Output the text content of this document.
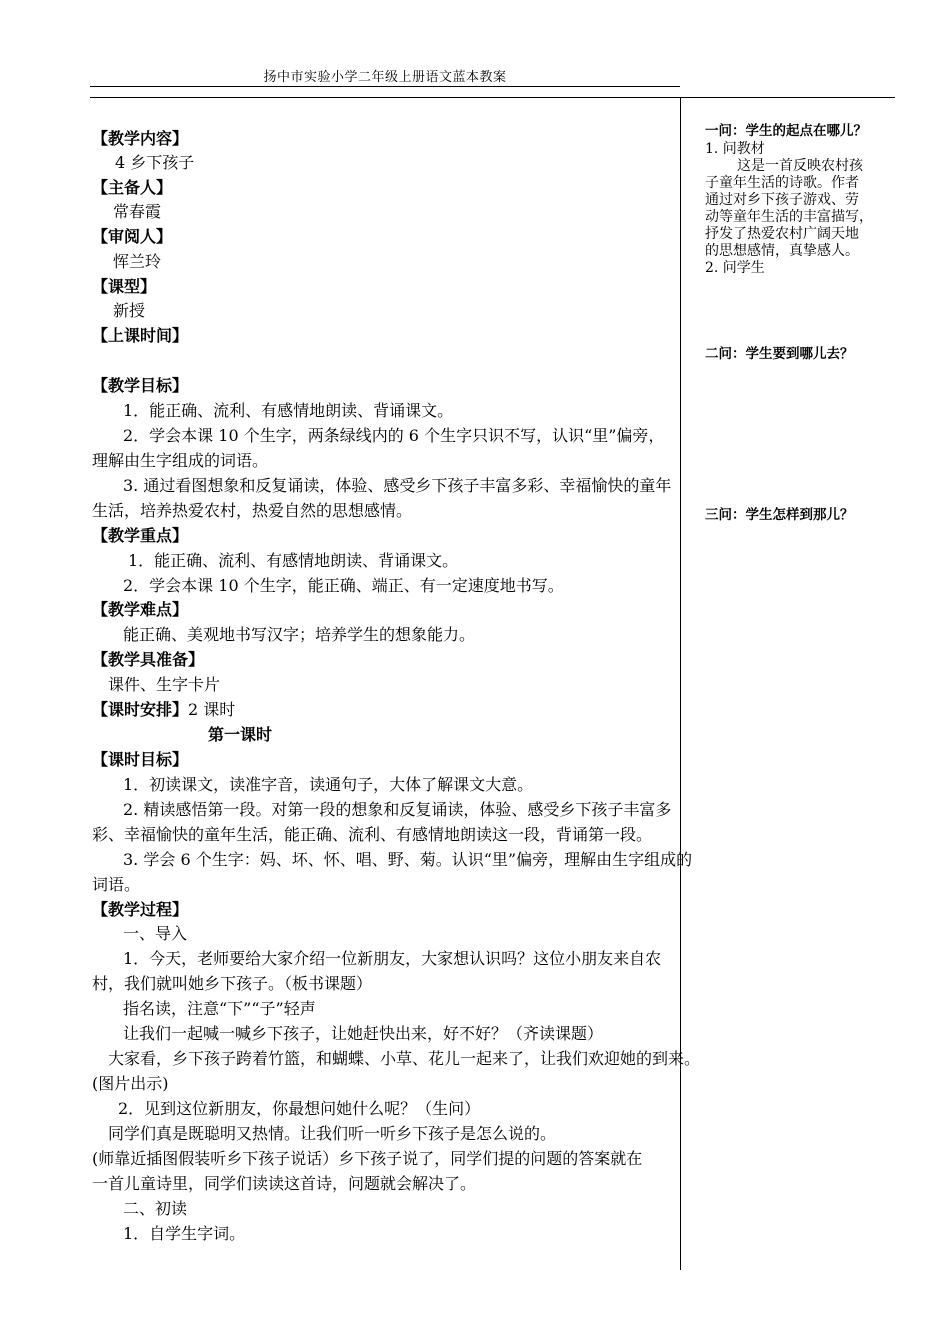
扬中市实验小学二年级上册语文蓝本教案
【教学内容】
4 乡下孩子
【主备人】
常春霞
【审阅人】
恽兰玲
【课型】
新授
【上课时间】
【教学目标】
1．能正确、流利、有感情地朗读、背诵课文。
2．学会本课 10 个生字，两条绿线内的 6 个生字只识不写，认识“里”偏旁，
理解由生字组成的词语。
3. 通过看图想象和反复诵读，体验、感受乡下孩子丰富多彩、幸福愉快的童年
生活，培养热爱农村，热爱自然的思想感情。
【教学重点】
1．能正确、流利、有感情地朗读、背诵课文。
2．学会本课 10 个生字，能正确、端正、有一定速度地书写。
【教学难点】
能正确、美观地书写汉字；培养学生的想象能力。
【教学具准备】
课件、生字卡片
【课时安排】2 课时
第一课时
【课时目标】
1．初读课文，读准字音，读通句子，大体了解课文大意。
2. 精读感悟第一段。对第一段的想象和反复诵读，体验、感受乡下孩子丰富多
彩、幸福愉快的童年生活，能正确、流利、有感情地朗读这一段，背诵第一段。
3. 学会 6 个生字：妈、坏、怀、唱、野、菊。认识“里”偏旁，理解由生字组成的
词语。
【教学过程】
一、导入
1．今天，老师要给大家介绍一位新朋友，大家想认识吗？这位小朋友来自农
村，我们就叫她乡下孩子。（板书课题）
指名读，注意“下”“子”轻声
让我们一起喊一喊乡下孩子，让她赶快出来，好不好？（齐读课题）
大家看，乡下孩子跨着竹篮，和蝴蝶、小草、花儿一起来了，让我们欢迎她的到来。
(图片出示)
2．见到这位新朋友，你最想问她什么呢？（生问）
同学们真是既聪明又热情。让我们听一听乡下孩子是怎么说的。
(师靠近插图假装听乡下孩子说话）乡下孩子说了，同学们提的问题的答案就在
一首儿童诗里，同学们读读这首诗，问题就会解决了。
二、初读
1．自学生字词。
一问：学生的起点在哪儿？
1. 问教材
这是一首反映农村孩
子童年生活的诗歌。作者
通过对乡下孩子游戏、劳
动等童年生活的丰富描写，
抒发了热爱农村广阔天地
的思想感情，真挚感人。
2. 问学生
二问：学生要到哪儿去？
三问：学生怎样到那儿？
